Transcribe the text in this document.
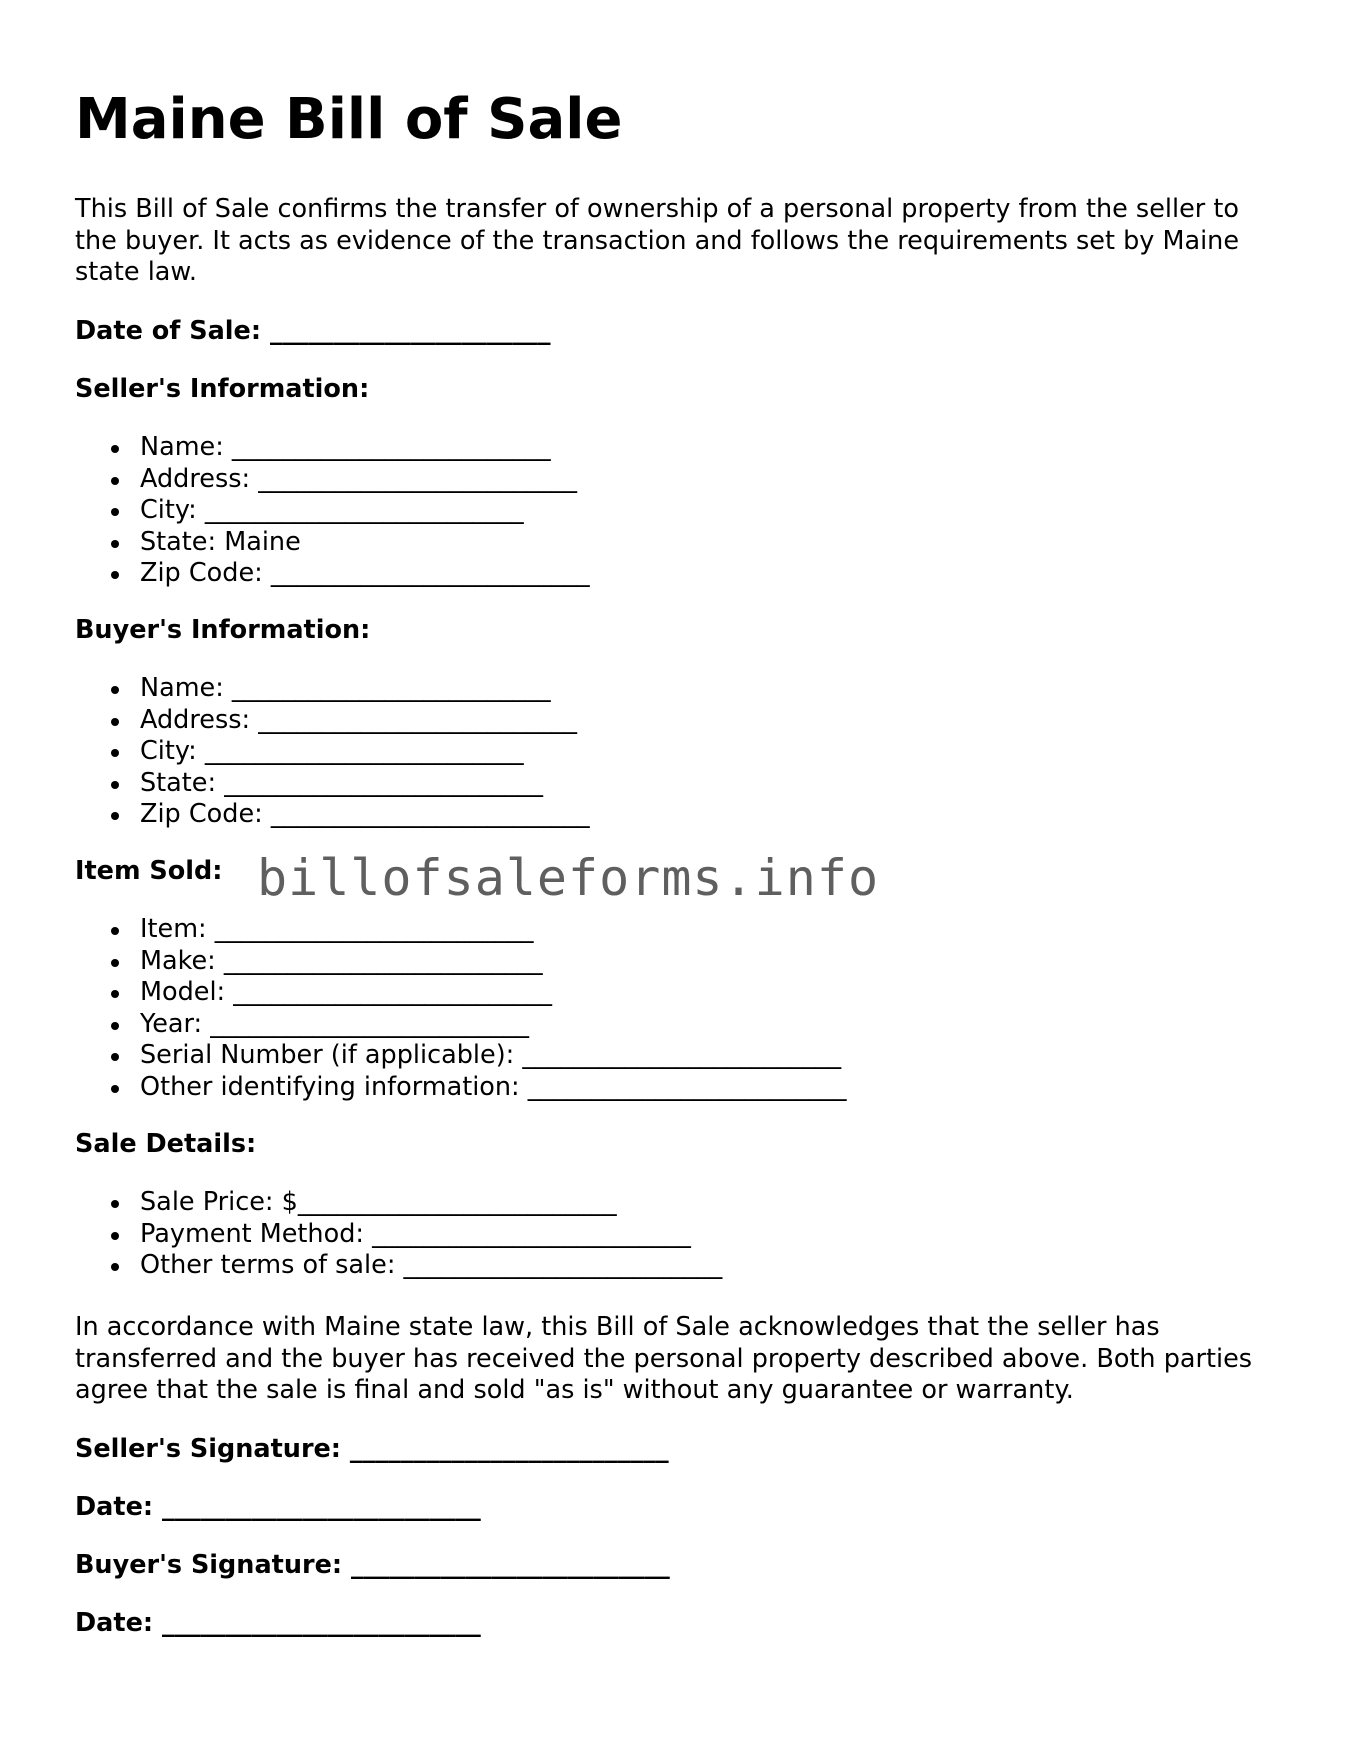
Maine Bill of Sale

This Bill of Sale confirms the transfer of ownership of a personal property from the seller to the buyer. It acts as evidence of the transaction and follows the requirements set by Maine state law.

Date of Sale: ______________________

Seller's Information:

Name: _________________________
Address: _________________________
City: _________________________
State: Maine
Zip Code: _________________________

Buyer's Information:

Name: _________________________
Address: _________________________
City: _________________________
State: _________________________
Zip Code: _________________________

Item Sold:

Item: _________________________
Make: _________________________
Model: _________________________
Year: _________________________
Serial Number (if applicable): _________________________
Other identifying information: _________________________

Sale Details:

Sale Price: $_________________________
Payment Method: _________________________
Other terms of sale: _________________________

In accordance with Maine state law, this Bill of Sale acknowledges that the seller has transferred and the buyer has received the personal property described above. Both parties agree that the sale is final and sold "as is" without any guarantee or warranty.

Seller's Signature: _________________________

Date: _________________________

Buyer's Signature: _________________________

Date: _________________________

billofsaleforms.info
